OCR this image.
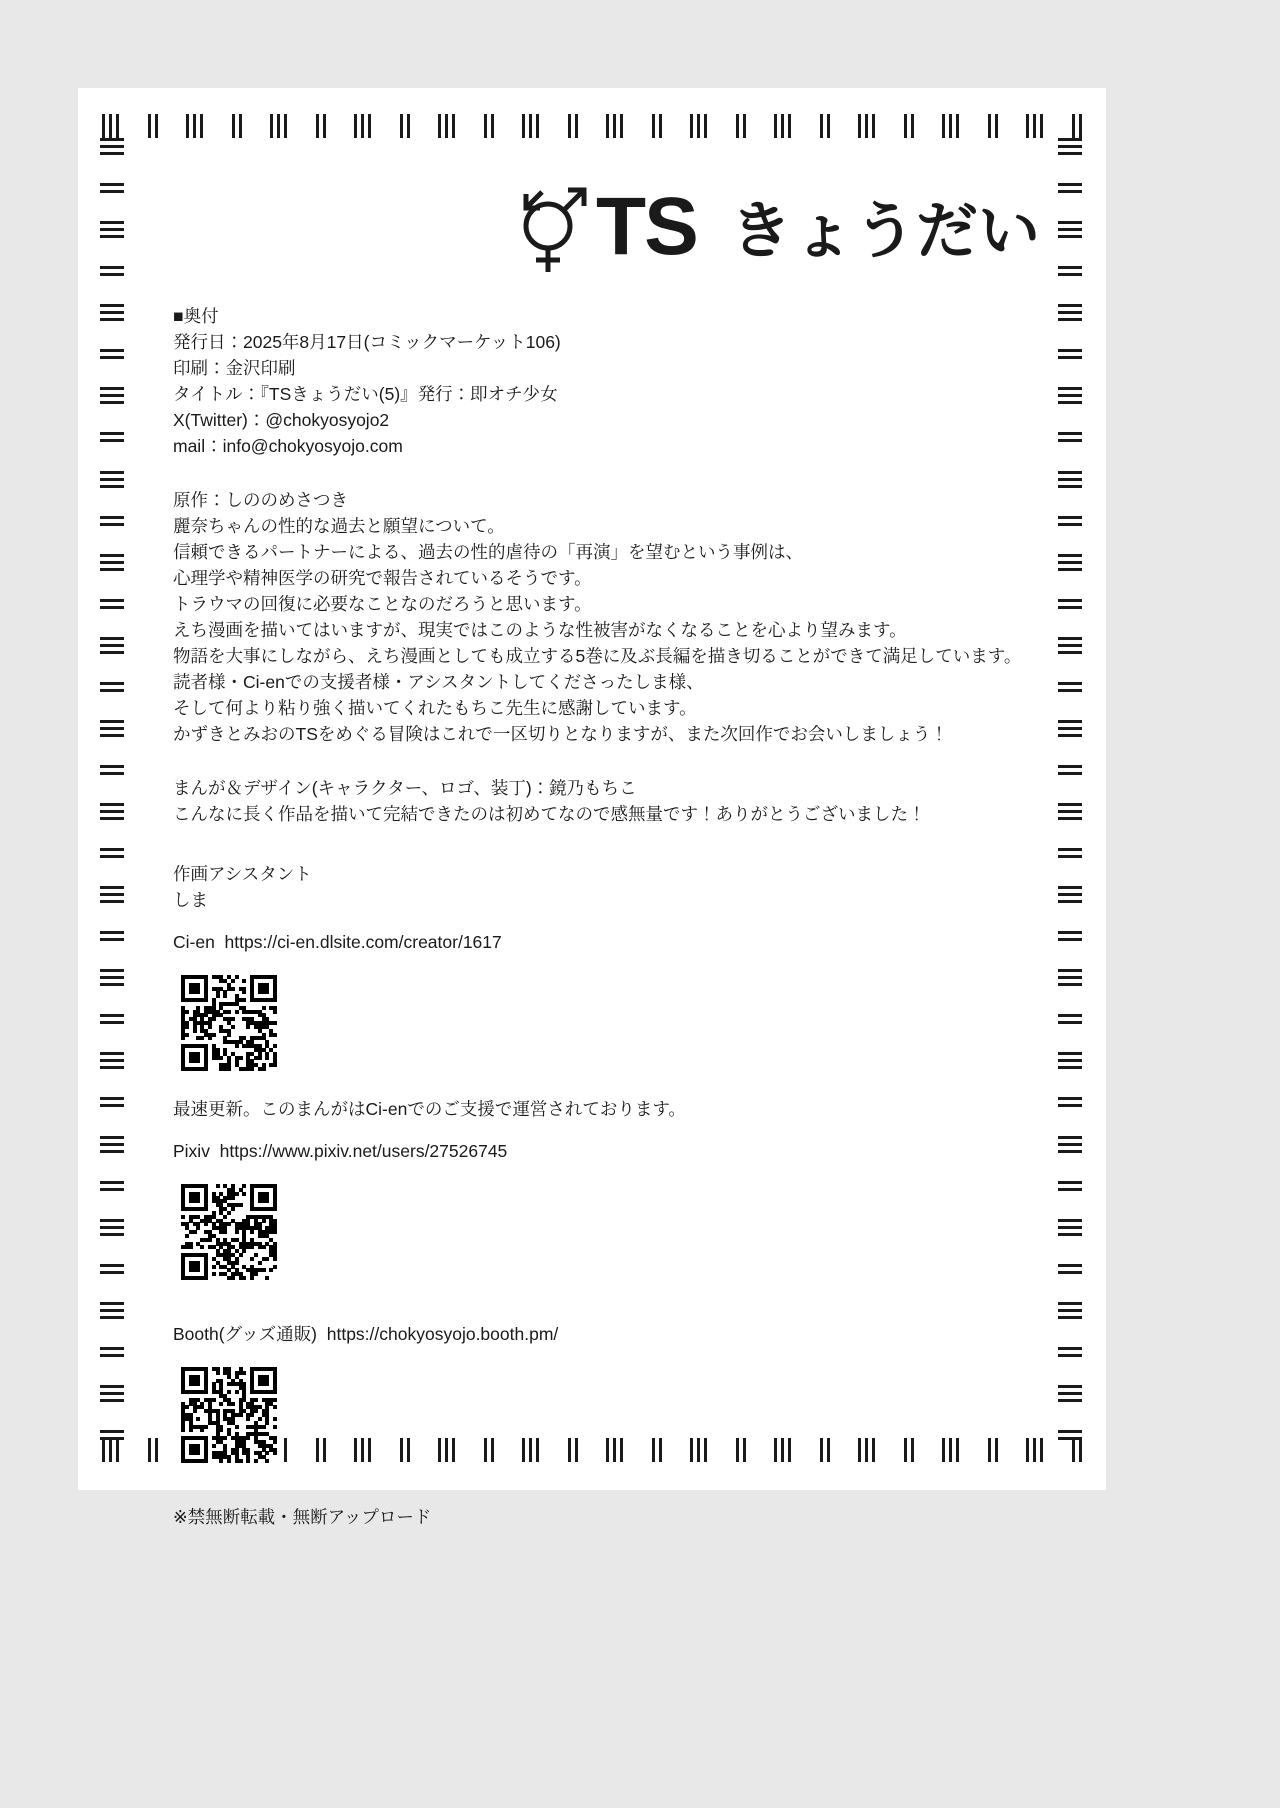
TS きょうだい
■奥付
発行日：2025年8月17日(コミックマーケット106)
印刷：金沢印刷
タイトル：『TSきょうだい(5)』発行：即オチ少女
X(Twitter)：@chokyosyojo2
mail：info@chokyosyojo.com
原作：しののめさつき
麗奈ちゃんの性的な過去と願望について。
信頼できるパートナーによる、過去の性的虐待の「再演」を望むという事例は、
心理学や精神医学の研究で報告されているそうです。
トラウマの回復に必要なことなのだろうと思います。
えち漫画を描いてはいますが、現実ではこのような性被害がなくなることを心より望みます。
物語を大事にしながら、えち漫画としても成立する5巻に及ぶ長編を描き切ることができて満足しています。
読者様・Ci-enでの支援者様・アシスタントしてくださったしま様、
そして何より粘り強く描いてくれたもちこ先生に感謝しています。
かずきとみおのTSをめぐる冒険はこれで一区切りとなりますが、また次回作でお会いしましょう！
まんが＆デザイン(キャラクター、ロゴ、装丁)：鏡乃もちこ
こんなに長く作品を描いて完結できたのは初めてなので感無量です！ありがとうございました！
作画アシスタント
しま
Ci-en  https://ci-en.dlsite.com/creator/1617
最速更新。このまんがはCi-enでのご支援で運営されております。
Pixiv  https://www.pixiv.net/users/27526745
Booth(グッズ通販)  https://chokyosyojo.booth.pm/
※禁無断転載・無断アップロード
